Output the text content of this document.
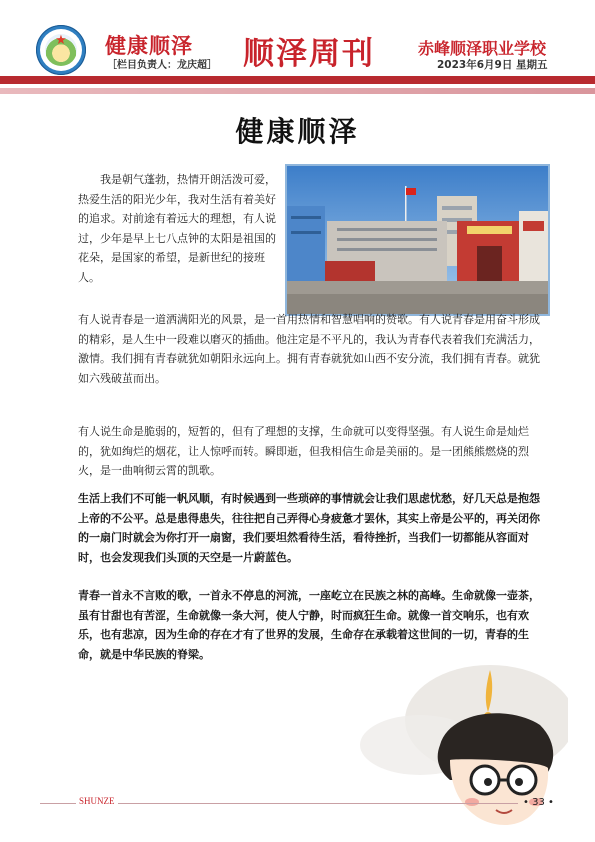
★ 健康顺泽
［栏目负责人：龙庆超］ 顺泽周刊	赤峰顺泽职业学校
2023年6月9日 星期五
健康顺泽

我是朝气蓬勃，热情开朗活泼可爱，热爱生活的阳光少年，我对生活有着美好的追求。对前途有着远大的理想，有人说过，少年是早上七八点钟的太阳是祖国的花朵，是国家的希望，是新世纪的接班人。

有人说青春是一道洒满阳光的风景，是一首用热情和智慧唱响的赞歌。有人说青春是用奋斗形成的精彩，是人生中一段难以磨灭的插曲。他注定是不平凡的，我认为青春代表着我们充满活力，激情。我们拥有青春就犹如朝阳永远向上。拥有青春就犹如山西不安分流，我们拥有青春。就犹如六残破茧而出。

有人说生命是脆弱的，短暂的，但有了理想的支撑，生命就可以变得坚强。有人说生命是灿烂的，犹如绚烂的烟花，让人惊呼而转。瞬即逝，但我相信生命是美丽的。是一团熊熊燃烧的烈火，是一曲响彻云霄的凯歌。

生活上我们不可能一帆风顺，有时候遇到一些琐碎的事情就会让我们思虑忧愁，好几天总是抱怨上帝的不公平。总是患得患失，往往把自己弄得心身疲惫才罢休，其实上帝是公平的，再关闭你的一扇门时就会为你打开一扇窗，我们要坦然看待生活，看待挫折，当我们一切都能从容面对时，也会发现我们头顶的天空是一片蔚蓝色。

青春一首永不言败的歌，一首永不停息的河流，一座屹立在民族之林的高峰。生命就像一壶茶，虽有甘甜也有苦涩，生命就像一条大河，使人宁静，时而疯狂生命。就像一首交响乐，也有欢乐，也有悲凉，因为生命的存在才有了世界的发展，生命存在承载着这世间的一切，青春的生命，就是中华民族的脊梁。

SHUNZE	• 33 •
